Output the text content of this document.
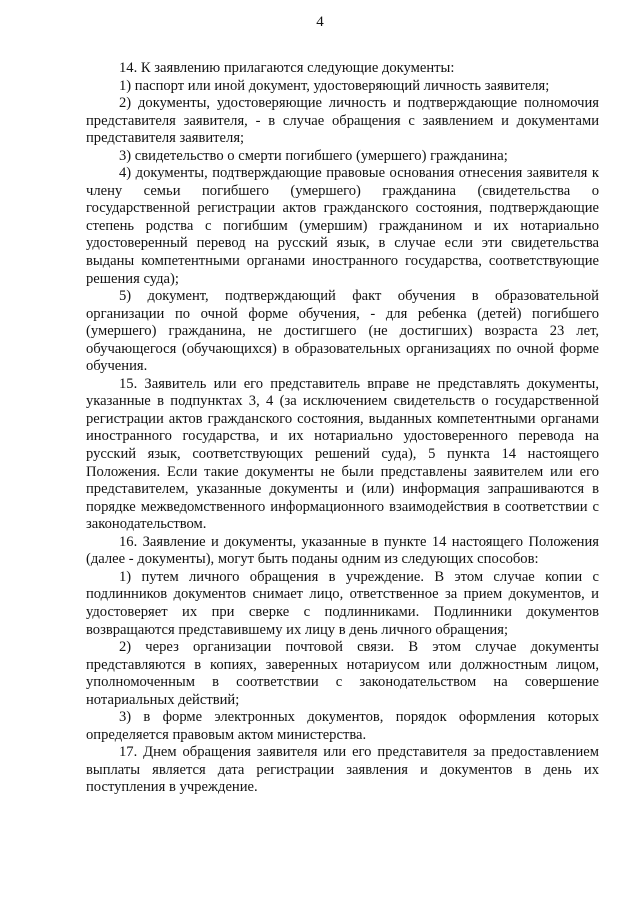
4

14. К заявлению прилагаются следующие документы:

1) паспорт или иной документ, удостоверяющий личность заявителя;

2) документы, удостоверяющие личность и подтверждающие полномочия представителя заявителя, - в случае обращения с заявлением и документами представителя заявителя;

3) свидетельство о смерти погибшего (умершего) гражданина;

4) документы, подтверждающие правовые основания отнесения заявителя к члену семьи погибшего (умершего) гражданина (свидетельства о государственной регистрации актов гражданского состояния, подтверждающие степень родства с погибшим (умершим) гражданином и их нотариально удостоверенный перевод на русский язык, в случае если эти свидетельства выданы компетентными органами иностранного государства, соответствующие решения суда);

5) документ, подтверждающий факт обучения в образовательной организации по очной форме обучения, - для ребенка (детей) погибшего (умершего) гражданина, не достигшего (не достигших) возраста 23 лет, обучающегося (обучающихся) в образовательных организациях по очной форме обучения.

15. Заявитель или его представитель вправе не представлять документы, указанные в подпунктах 3, 4 (за исключением свидетельств о государственной регистрации актов гражданского состояния, выданных компетентными органами иностранного государства, и их нотариально удостоверенного перевода на русский язык, соответствующих решений суда), 5 пункта 14 настоящего Положения. Если такие документы не были представлены заявителем или его представителем, указанные документы и (или) информация запрашиваются в порядке межведомственного информационного взаимодействия в соответствии с законодательством.

16. Заявление и документы, указанные в пункте 14 настоящего Положения (далее - документы), могут быть поданы одним из следующих способов:

1) путем личного обращения в учреждение. В этом случае копии с подлинников документов снимает лицо, ответственное за прием документов, и удостоверяет их при сверке с подлинниками. Подлинники документов возвращаются представившему их лицу в день личного обращения;

2) через организации почтовой связи. В этом случае документы представляются в копиях, заверенных нотариусом или должностным лицом, уполномоченным в соответствии с законодательством на совершение нотариальных действий;

3) в форме электронных документов, порядок оформления которых определяется правовым актом министерства.

17. Днем обращения заявителя или его представителя за предоставлением выплаты является дата регистрации заявления и документов в день их поступления в учреждение.
